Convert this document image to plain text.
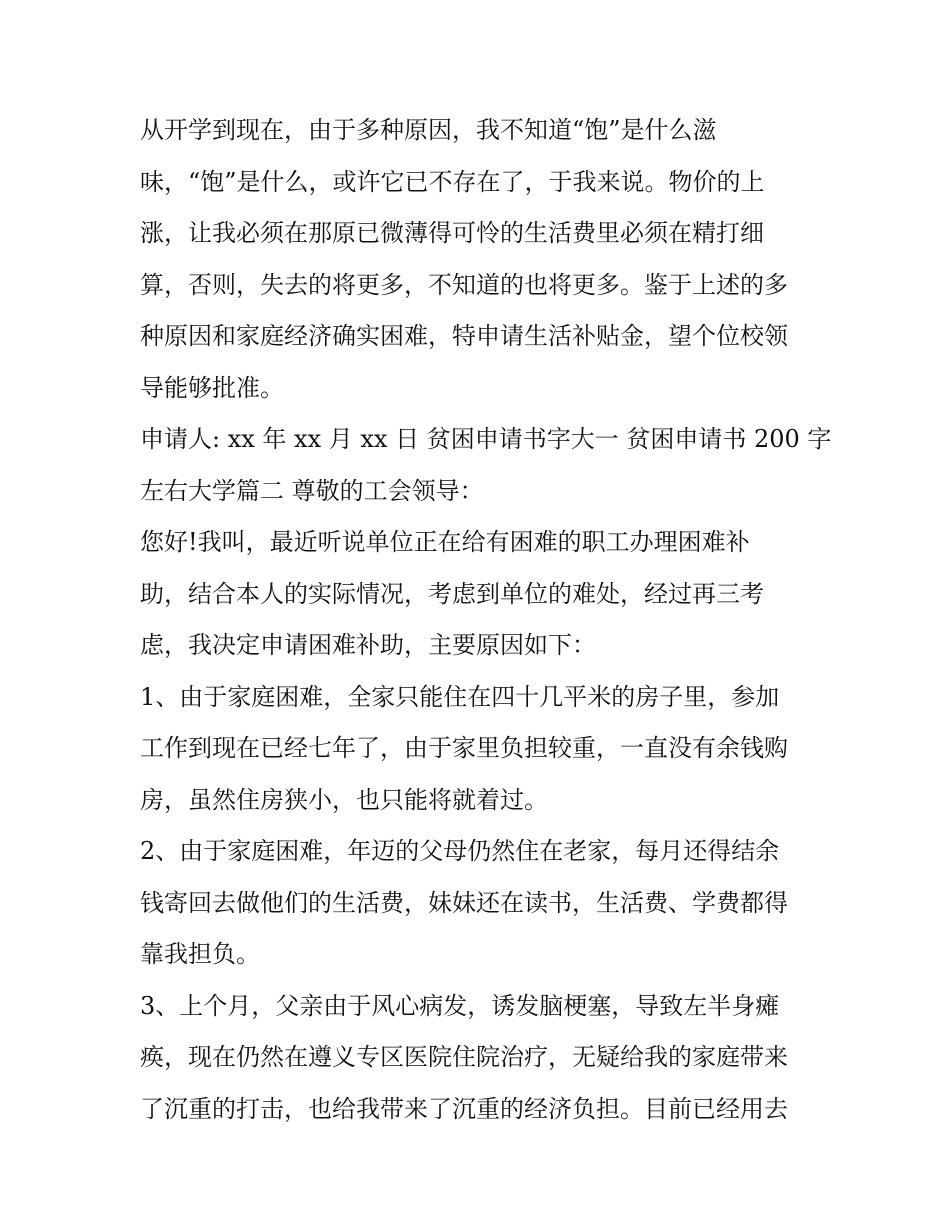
从开学到现在，由于多种原因，我不知道“饱”是什么滋
味，“饱”是什么，或许它已不存在了，于我来说。物价的上
涨，让我必须在那原已微薄得可怜的生活费里必须在精打细
算，否则，失去的将更多，不知道的也将更多。鉴于上述的多
种原因和家庭经济确实困难，特申请生活补贴金，望个位校领
导能够批准。
申请人: xx 年 xx 月 xx 日 贫困申请书字大一 贫困申请书 200 字
左右大学篇二 尊敬的工会领导：
您好!我叫，最近听说单位正在给有困难的职工办理困难补
助，结合本人的实际情况，考虑到单位的难处，经过再三考
虑，我决定申请困难补助，主要原因如下：
1、由于家庭困难，全家只能住在四十几平米的房子里，参加
工作到现在已经七年了，由于家里负担较重，一直没有余钱购
房，虽然住房狭小，也只能将就着过。
2、由于家庭困难，年迈的父母仍然住在老家，每月还得结余
钱寄回去做他们的生活费，妹妹还在读书，生活费、学费都得
靠我担负。
3、上个月，父亲由于风心病发，诱发脑梗塞，导致左半身瘫
痪，现在仍然在遵义专区医院住院治疗，无疑给我的家庭带来
了沉重的打击，也给我带来了沉重的经济负担。目前已经用去
